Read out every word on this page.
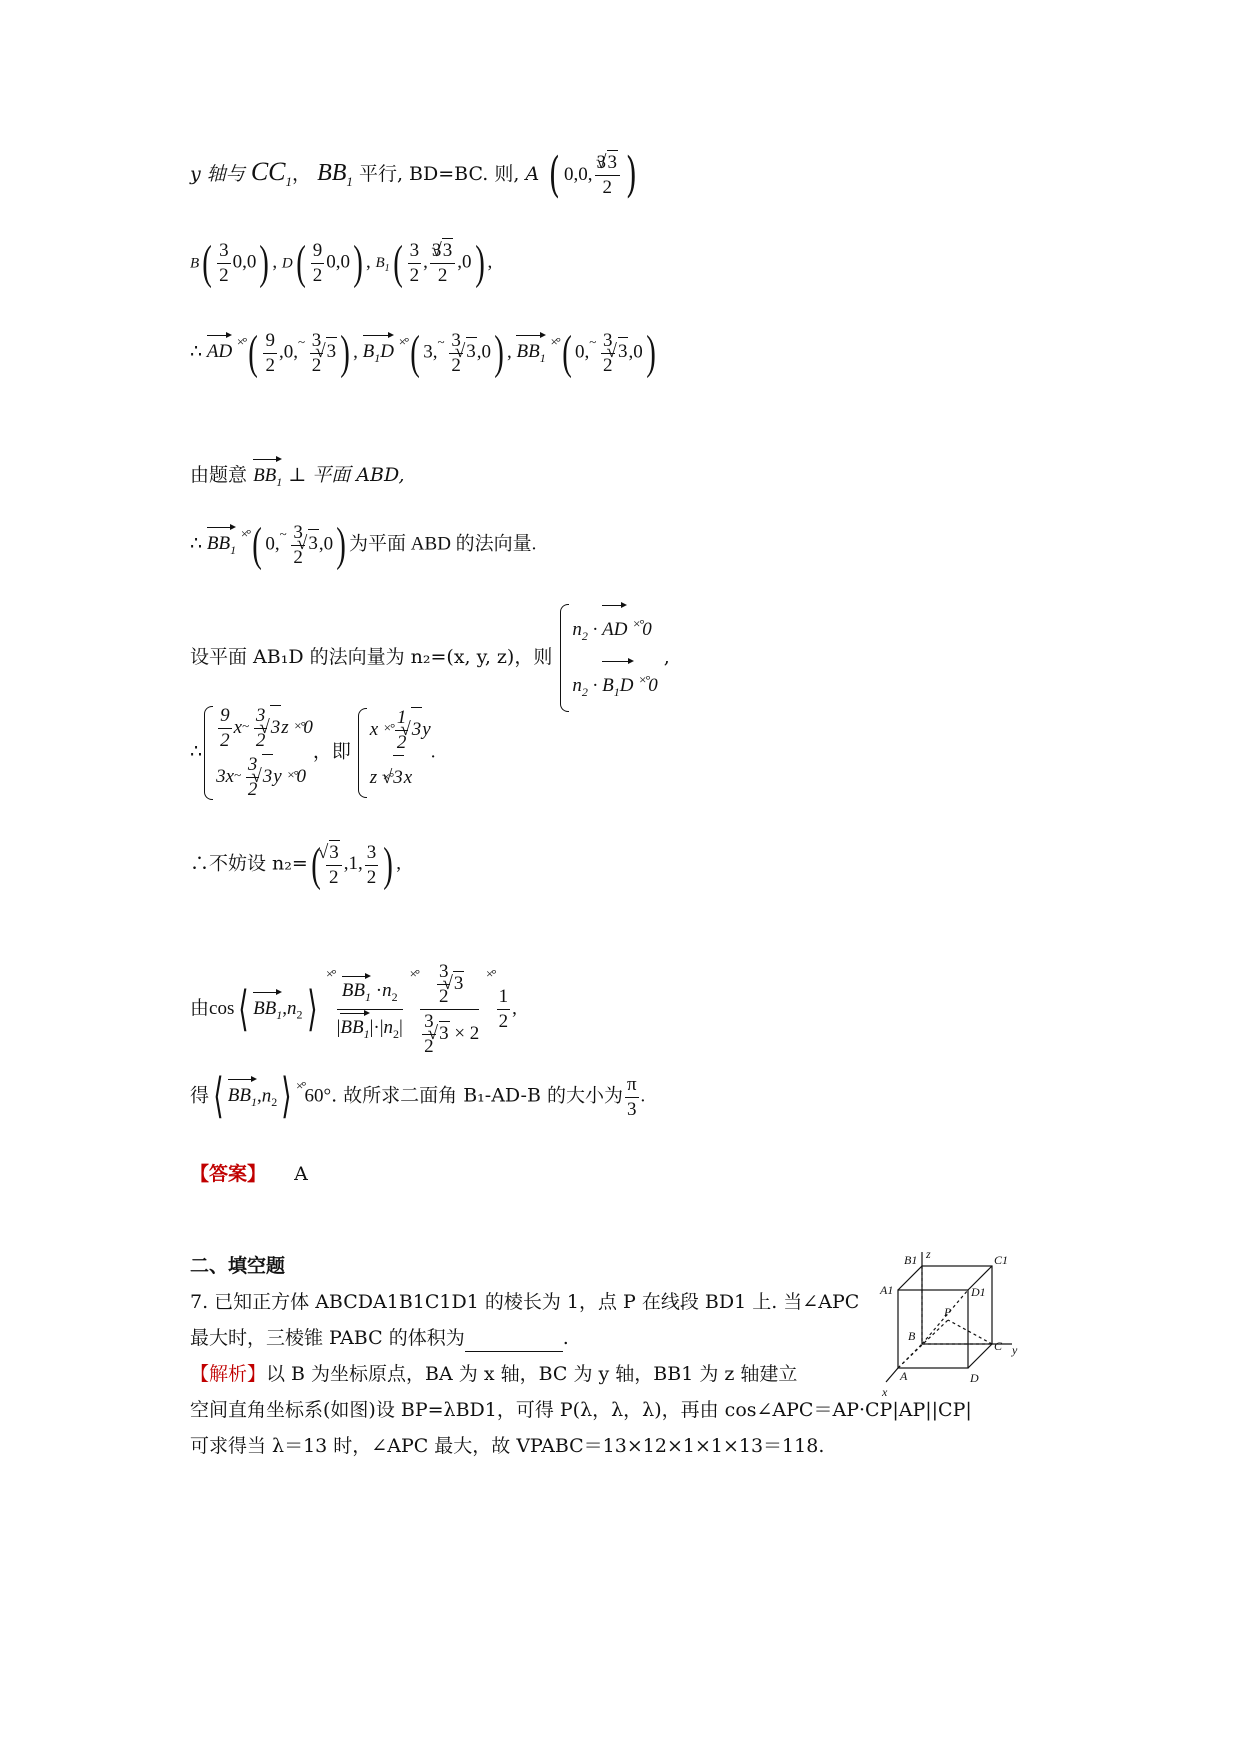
y 轴与 $CC_1$， $BB_1$ 平行, BD=BC. 则, A ( 0,0, $\frac{3√ 3}{2}$ )
$B( \frac{3}{2} 0,0)$ , $D( \frac{9}{2} 0,0)$ , $B_1( \frac{3}{2}$ , $\frac{3√ 3}{2} ,0$) ,
∴ AD $^{\times^\circ}( \frac{9}{2} ,0,^\sim \frac{3}{2}$
√ 3) , $B_1D$ ×°( $3,^\sim \frac{3}{2}$
√ 3,0) , $BB_1$ ×°( $0,^\sim \frac{3}{2}$
√ 3,0)
由题意 $BB_1$ ⊥ 平面 ABD,
∴ $BB_1$ ×°( $0,^\sim \frac{3}{2}$
√ 3,0) 为平面 ABD 的法向量.
设平面 AB₁D 的法向量为 n₂=(x, y, z)，则
$n_2$ · AD ×°0
$n_2 \cdot B_1D$ ×°0
,
∴ $\frac{9}{2} x^\sim \frac{3}{2}$
√ 3z ×°0
$3x^\sim \frac{3}{2}$
√ 3y ×°0
，即
x $^{\times^\circ} \frac{1}{2}$
√ 3y
z ×°√ 3x
.
∴不妨设 n₂=(
√ $\frac{3}{2} ,1$, $\frac{3}{2}$ ) ,
由cos⟨ $BB_1,n_2⟩$ $^{\times^\circ} \frac{BB_1 \cdot n_2}{|BB_1|\cdot|n_2|} ^{\times^\circ} \frac{3}{2}$
√ 3
$\frac{3}{2}$
√ 3 × 2 ×°
$\frac{1}{2}$ ,
得⟨ $BB_1,n_2⟩$ ×°60°. 故所求二面角 B₁-AD-B 的大小为 $\frac{\pi}{3}$ .
【答案】 A
二、填空题
7. 已知正方体 ABCDA1B1C1D1 的棱长为 1，点 P 在线段 BD1 上. 当∠APC
最大时，三棱锥 PABC 的体积为	.
【解析】以 B 为坐标原点，BA 为 x 轴，BC 为 y 轴，BB1 为 z 轴建立
空间直角坐标系(如图)设 BP=λBD1，可得 P(λ，λ，λ)，再由 cos∠APC＝AP·CP|AP||CP|
可求得当 λ＝13 时，∠APC 最大，故 VPABC＝13×12×1×1×13＝118.
B1 z	C1
A1	D1
P
B
C y
A	D
x
